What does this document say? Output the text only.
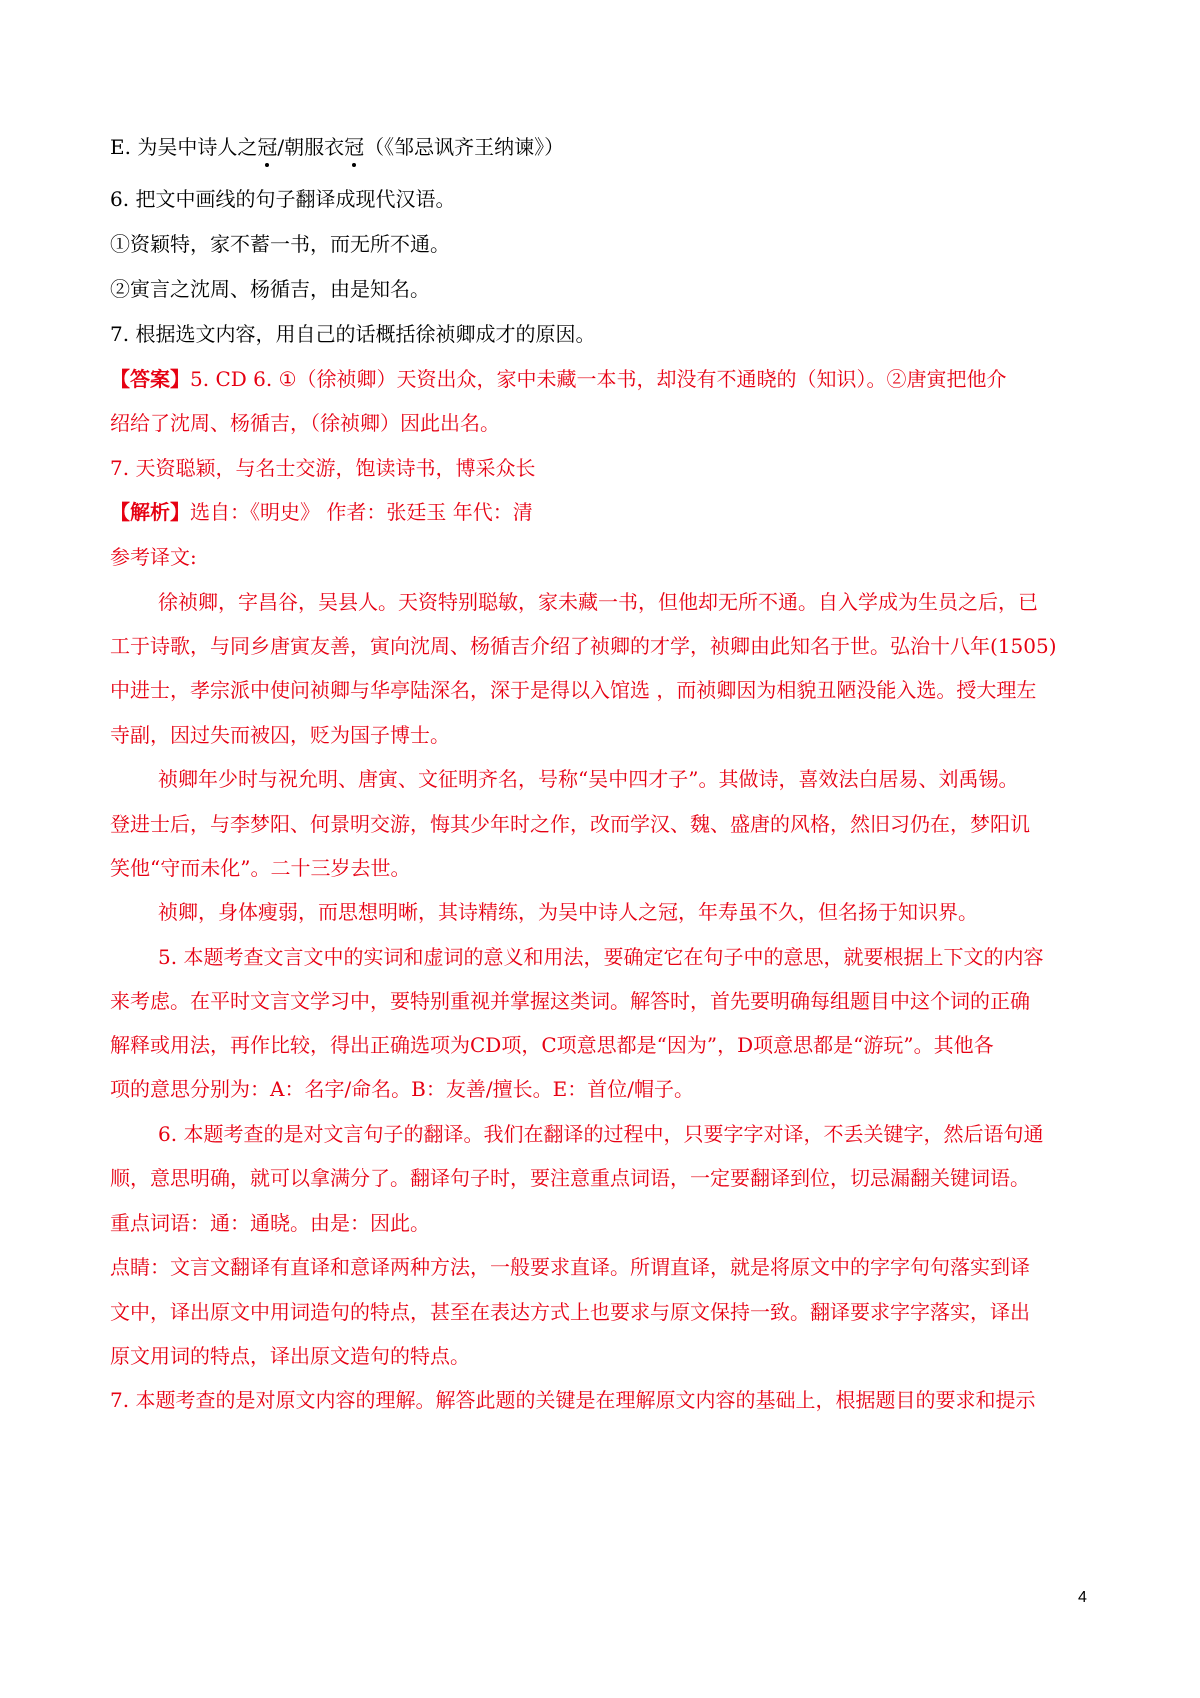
E. 为吴中诗人之冠/朝服衣冠（《邹忌讽齐王纳谏》）
6. 把文中画线的句子翻译成现代汉语。
➀资颖特，家不蓄一书，而无所不通。
➁寅言之沈周、杨循吉，由是知名。
7. 根据选文内容，用自己的话概括徐祯卿成才的原因。
【答案】5. CD 6. ①（徐祯卿）天资出众，家中未藏一本书，却没有不通晓的（知识）。②唐寅把他介
绍给了沈周、杨循吉，（徐祯卿）因此出名。
7. 天资聪颖，与名士交游，饱读诗书，博采众长
【解析】选自：《明史》 作者：张廷玉 年代：清
参考译文:
徐祯卿，字昌谷，吴县人。天资特别聪敏，家未藏一书，但他却无所不通。自入学成为生员之后，已
工于诗歌，与同乡唐寅友善，寅向沈周、杨循吉介绍了祯卿的才学，祯卿由此知名于世。弘治十八年(1505)
中进士，孝宗派中使问祯卿与华亭陆深名，深于是得以入馆选 ，而祯卿因为相貌丑陋没能入选。授大理左
寺副，因过失而被囚，贬为国子博士。
祯卿年少时与祝允明、唐寅、文征明齐名，号称“吴中四才子”。其做诗，喜效法白居易、刘禹锡。
登进士后，与李梦阳、何景明交游，悔其少年时之作，改而学汉、魏、盛唐的风格，然旧习仍在，梦阳讥
笑他“守而未化”。二十三岁去世。
祯卿，身体瘦弱，而思想明晰，其诗精练，为吴中诗人之冠，年寿虽不久，但名扬于知识界。
5. 本题考查文言文中的实词和虚词的意义和用法，要确定它在句子中的意思，就要根据上下文的内容
来考虑。在平时文言文学习中，要特别重视并掌握这类词。解答时，首先要明确每组题目中这个词的正确
解释或用法，再作比较，得出正确选项为CD项，C项意思都是“因为”，D项意思都是“游玩”。其他各
项的意思分别为：A：名字/命名。B：友善/擅长。E：首位/帽子。
6. 本题考查的是对文言句子的翻译。我们在翻译的过程中，只要字字对译，不丢关键字，然后语句通
顺，意思明确，就可以拿满分了。翻译句子时，要注意重点词语，一定要翻译到位，切忌漏翻关键词语。
重点词语：通：通晓。由是：因此。
点睛：文言文翻译有直译和意译两种方法，一般要求直译。所谓直译，就是将原文中的字字句句落实到译
文中，译出原文中用词造句的特点，甚至在表达方式上也要求与原文保持一致。翻译要求字字落实，译出
原文用词的特点，译出原文造句的特点。
7. 本题考查的是对原文内容的理解。解答此题的关键是在理解原文内容的基础上，根据题目的要求和提示
4
